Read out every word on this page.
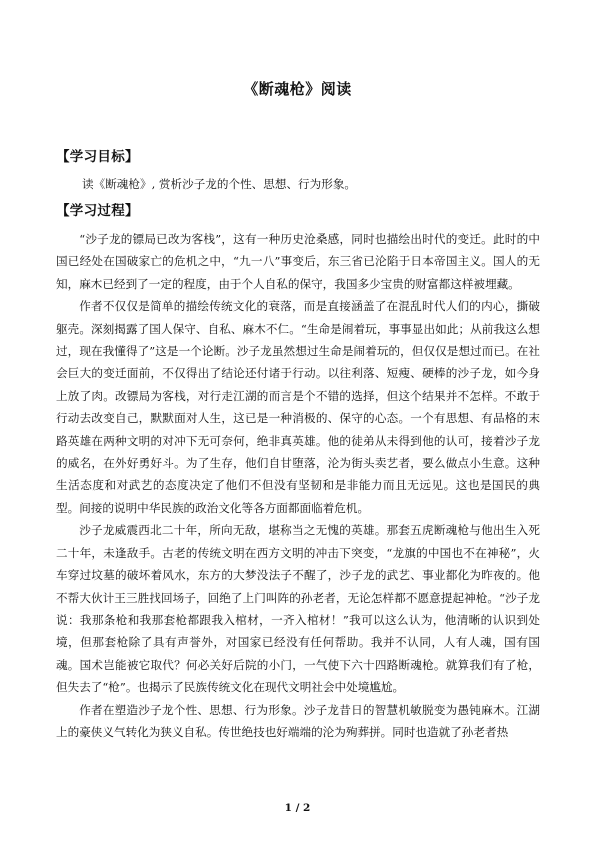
《断魂枪》阅读
【学习目标】
读《断魂枪》, 赏析沙子龙的个性、思想、行为形象。
【学习过程】

“沙子龙的镖局已改为客栈”，这有一种历史沧桑感，同时也描绘出时代的变迁。此时的中国已经处在国破家亡的危机之中，“九一八”事变后，东三省已沦陷于日本帝国主义。国人的无知，麻木已经到了一定的程度，由于个人自私的保守，我国多少宝贵的财富都这样被埋藏。

作者不仅仅是简单的描绘传统文化的衰落，而是直接涵盖了在混乱时代人们的内心，撕破躯壳。深刻揭露了国人保守、自私、麻木不仁。“生命是闹着玩，事事显出如此；从前我这么想过，现在我懂得了”这是一个论断。沙子龙虽然想过生命是闹着玩的，但仅仅是想过而已。在社会巨大的变迁面前，不仅得出了结论还付诸于行动。以往利落、短瘦、硬棒的沙子龙，如今身上放了肉。改镖局为客栈，对行走江湖的而言是个不错的选择，但这个结果并不怎样。不敢于行动去改变自己，默默面对人生，这已是一种消极的、保守的心态。一个有思想、有品格的末路英雄在两种文明的对冲下无可奈何，绝非真英雄。他的徒弟从未得到他的认可，接着沙子龙的威名，在外好勇好斗。为了生存，他们自甘堕落，沦为街头卖艺者，要么做点小生意。这种生活态度和对武艺的态度决定了他们不但没有坚韧和是非能力而且无远见。这也是国民的典型。间接的说明中华民族的政治文化等各方面都面临着危机。

沙子龙威震西北二十年，所向无敌，堪称当之无愧的英雄。那套五虎断魂枪与他出生入死二十年，未逢敌手。古老的传统文明在西方文明的冲击下突变，“龙旗的中国也不在神秘”，火车穿过坟墓的破坏着风水，东方的大梦没法子不醒了，沙子龙的武艺、事业都化为昨夜的。他不帮大伙计王三胜找回场子，回绝了上门叫阵的孙老者，无论怎样都不愿意提起神枪。“沙子龙说：我那条枪和我那套枪都跟我入棺材，一齐入棺材！”我可以这么认为，他清晰的认识到处境，但那套枪除了具有声誉外，对国家已经没有任何帮助。我并不认同，人有人魂，国有国魂。国术岂能被它取代？何必关好后院的小门，一气使下六十四路断魂枪。就算我们有了枪，但失去了“枪”。也揭示了民族传统文化在现代文明社会中处境尴尬。

作者在塑造沙子龙个性、思想、行为形象。沙子龙昔日的智慧机敏脱变为愚钝麻木。江湖上的豪侠义气转化为狭义自私。传世绝技也好端端的沦为殉葬拼。同时也造就了孙老者热

1 / 2
